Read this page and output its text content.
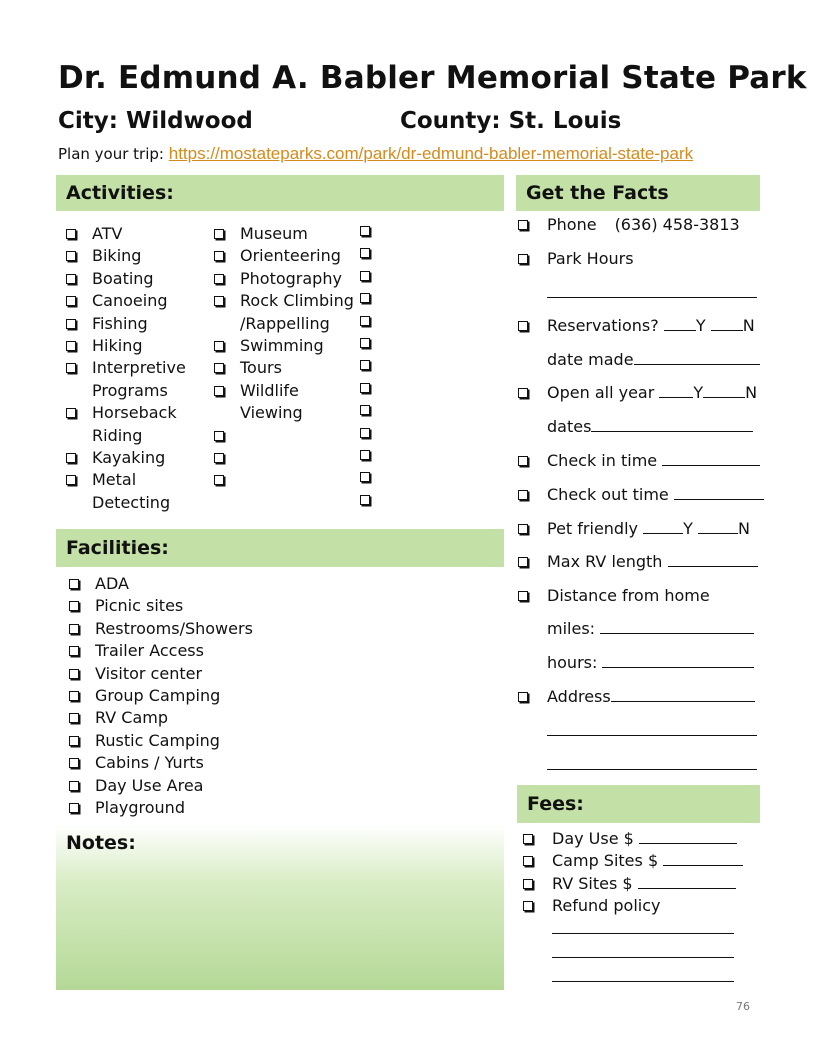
Dr. Edmund A. Babler Memorial State Park
City: Wildwood	County: St. Louis
Plan your trip: https://mostateparks.com/park/dr-edmund-babler-memorial-state-park
Activities:
ATV
Biking
Boating
Canoeing
Fishing
Hiking
Interpretive Programs
Horseback Riding
Kayaking
Metal Detecting
Museum
Orienteering
Photography
Rock Climbing /Rappelling
Swimming
Tours
Wildlife Viewing

Facilities:
ADA
Picnic sites
Restrooms/Showers
Trailer Access
Visitor center
Group Camping
RV Camp
Rustic Camping
Cabins / Yurts
Day Use Area
Playground
Notes:
Get the Facts
Phone (636) 458-3813
Park Hours
Reservations? Y N
date made
Open all year Y	N
dates
Check in time
Check out time
Pet friendly	Y	N
Max RV length
Distance from home
miles:
hours:
Address
Fees:
Day Use $
Camp Sites $
RV Sites $
Refund policy
76
